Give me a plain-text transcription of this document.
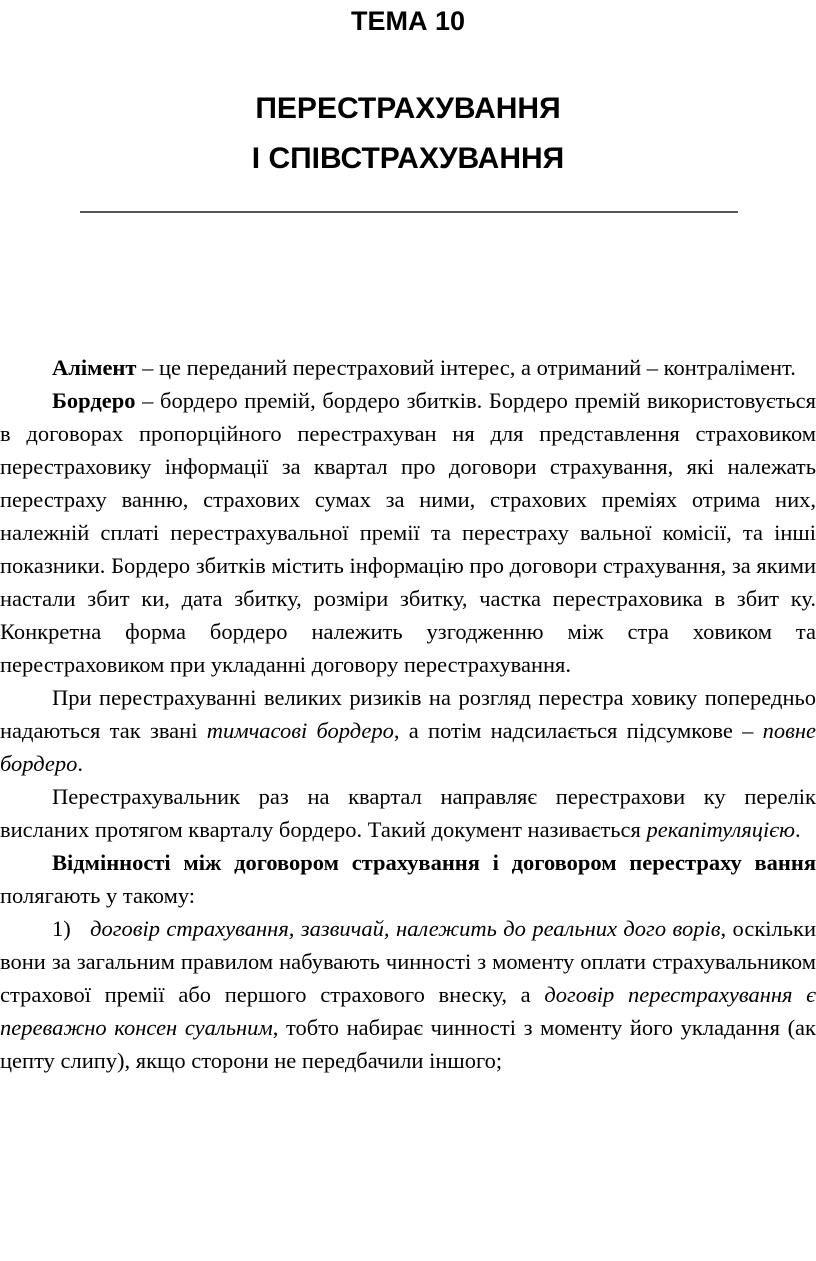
ТЕМА 10
ПЕРЕСТРАХУВАННЯ
І СПІВСТРАХУВАННЯ

Алімент – це переданий перестраховий інтерес, а отриманий – контралімент.

Бордеро – бордеро премій, бордеро збитків. Бордеро премій використовується в договорах пропорційного перестрахуван ня для представлення страховиком перестраховику інформації за квартал про договори страхування, які належать перестраху ванню, страхових сумах за ними, страхових преміях отрима них, належній сплаті перестрахувальної премії та перестраху вальної комісії, та інші показники. Бордеро збитків містить інформацію про договори страхування, за якими настали збит ки, дата збитку, розміри збитку, частка перестраховика в збит ку. Конкретна форма бордеро належить узгодженню між стра ховиком та перестраховиком при укладанні договору перестрахування.

При перестрахуванні великих ризиків на розгляд перестра ховику попередньо надаються так звані тимчасові бордеро, а потім надсилається підсумкове – повне бордеро.

Перестрахувальник раз на квартал направляє перестрахови ку перелік висланих протягом кварталу бордеро. Такий документ називається рекапітуляцією.

Відмінності між договором страхування і договором перестраху вання полягають у такому:

1) договір страхування, зазвичай, належить до реальних дого ворів, оскільки вони за загальним правилом набувають чинності з моменту оплати страхувальником страхової премії або першого страхового внеску, а договір перестрахування є переважно консен суальним, тобто набирає чинності з моменту його укладання (ак цепту слипу), якщо сторони не передбачили іншого;
